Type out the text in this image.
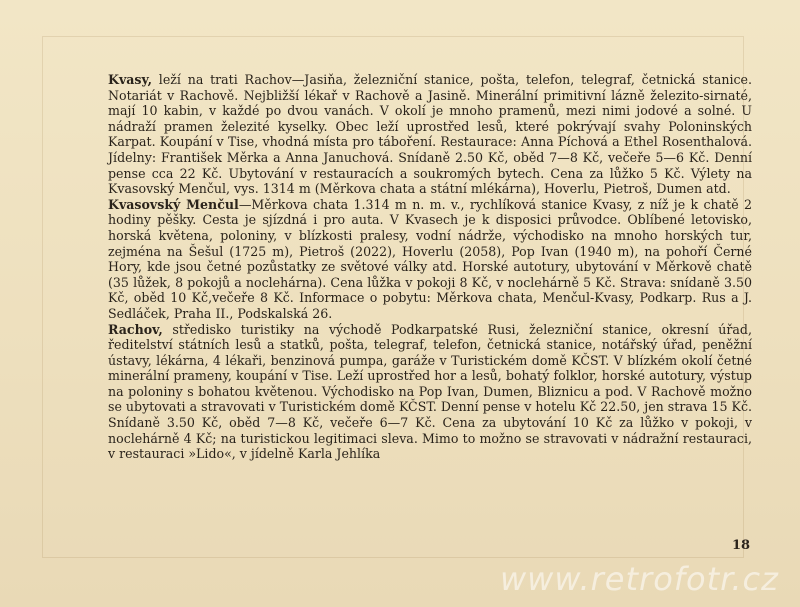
Kvasy, leží na trati Rachov—Jasiňa, železniční stanice, pošta, telefon, telegraf, četnická stanice. Notariát v Rachově. Nejbližší lékař v Rachově a Jasině. Minerální primitivní lázně železito-sirnaté, mají 10 kabin, v každé po dvou vanách. V okolí je mnoho pramenů, mezi nimi jodové a solné. U nádraží pramen železité kyselky. Obec leží uprostřed lesů, které pokrývají svahy Poloninských Karpat. Koupání v Tise, vhodná místa pro táboření. Restaurace: Anna Píchová a Ethel Rosenthalová. Jídelny: František Měrka a Anna Januchová. Snídaně 2.50 Kč, oběd 7—8 Kč, večeře 5—6 Kč. Denní pense cca 22 Kč. Ubytování v restauracích a soukromých bytech. Cena za lůžko 5 Kč. Výlety na Kvasovský Menčul, vys. 1314 m (Měrkova chata a státní mlékárna), Hoverlu, Pietroš, Dumen atd.

Kvasovský Menčul—Měrkova chata 1.314 m n. m. v., rychlíková stanice Kvasy, z níž je k chatě 2 hodiny pěšky. Cesta je sjízdná i pro auta. V Kvasech je k disposici průvodce. Oblíbené letovisko, horská květena, poloniny, v blízkosti pralesy, vodní nádrže, východisko na mnoho horských tur, zejména na Šešul (1725 m), Pietroš (2022), Hoverlu (2058), Pop Ivan (1940 m), na pohoří Černé Hory, kde jsou četné pozůstatky ze světové války atd. Horské autotury, ubytování v Měrkově chatě (35 lůžek, 8 pokojů a noclehárna). Cena lůžka v pokoji 8 Kč, v noclehárně 5 Kč. Strava: snídaně 3.50 Kč, oběd 10 Kč,večeře 8 Kč. Informace o pobytu: Měrkova chata, Menčul-Kvasy, Podkarp. Rus a J. Sedláček, Praha II., Podskalská 26.

Rachov, středisko turistiky na východě Podkarpatské Rusi, železniční stanice, okresní úřad, ředitelství státních lesů a statků, pošta, telegraf, telefon, četnická stanice, notářský úřad, peněžní ústavy, lékárna, 4 lékaři, benzinová pumpa, garáže v Turistickém domě KČST. V blízkém okolí četné minerální prameny, koupání v Tise. Leží uprostřed hor a lesů, bohatý folklor, horské autotury, výstup na poloniny s bohatou květenou. Východisko na Pop Ivan, Dumen, Bliznicu a pod. V Rachově možno se ubytovati a stravovati v Turistickém domě KČST. Denní pense v hotelu Kč 22.50, jen strava 15 Kč. Snídaně 3.50 Kč, oběd 7—8 Kč, večeře 6—7 Kč. Cena za ubytování 10 Kč za lůžko v pokoji, v noclehárně 4 Kč; na turistickou legitimaci sleva. Mimo to možno se stravovati v nádražní restauraci, v restauraci »Lido«, v jídelně Karla Jehlíka

18
www.retrofotr.cz
